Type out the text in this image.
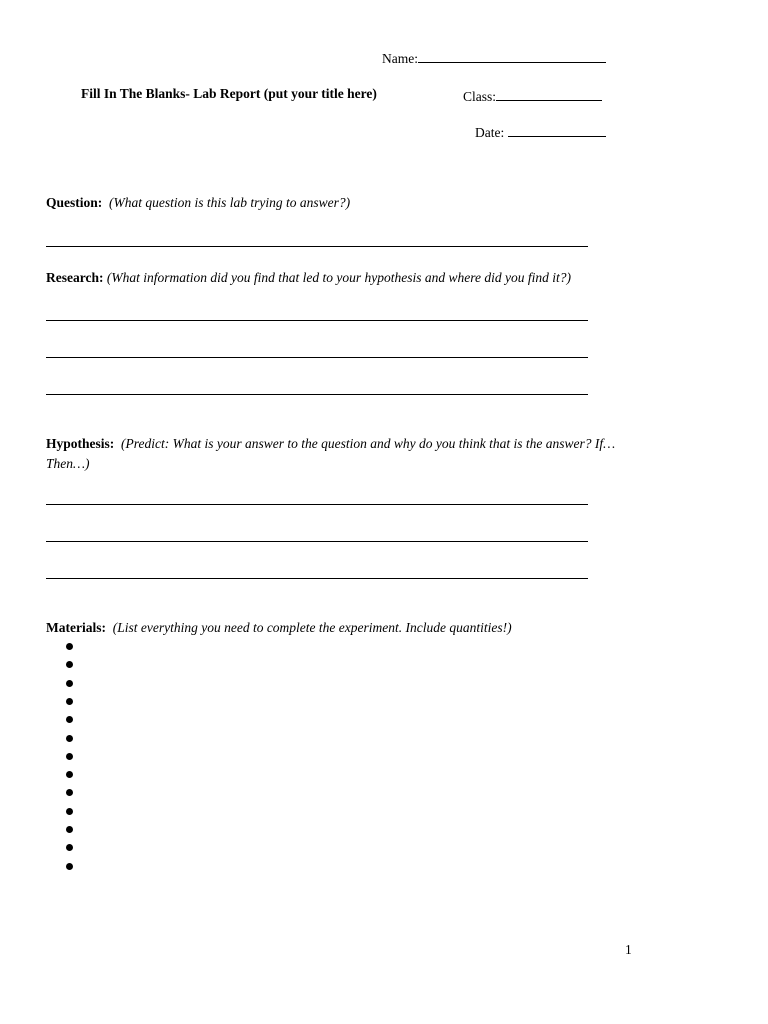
Name:
Fill In The Blanks- Lab Report (put your title here)	Class:
Date:
Question: (What question is this lab trying to answer?)
Research: (What information did you find that led to your hypothesis and where did you find it?)
Hypothesis: (Predict: What is your answer to the question and why do you think that is the answer? If…Then…)
Materials: (List everything you need to complete the experiment. Include quantities!)
1
